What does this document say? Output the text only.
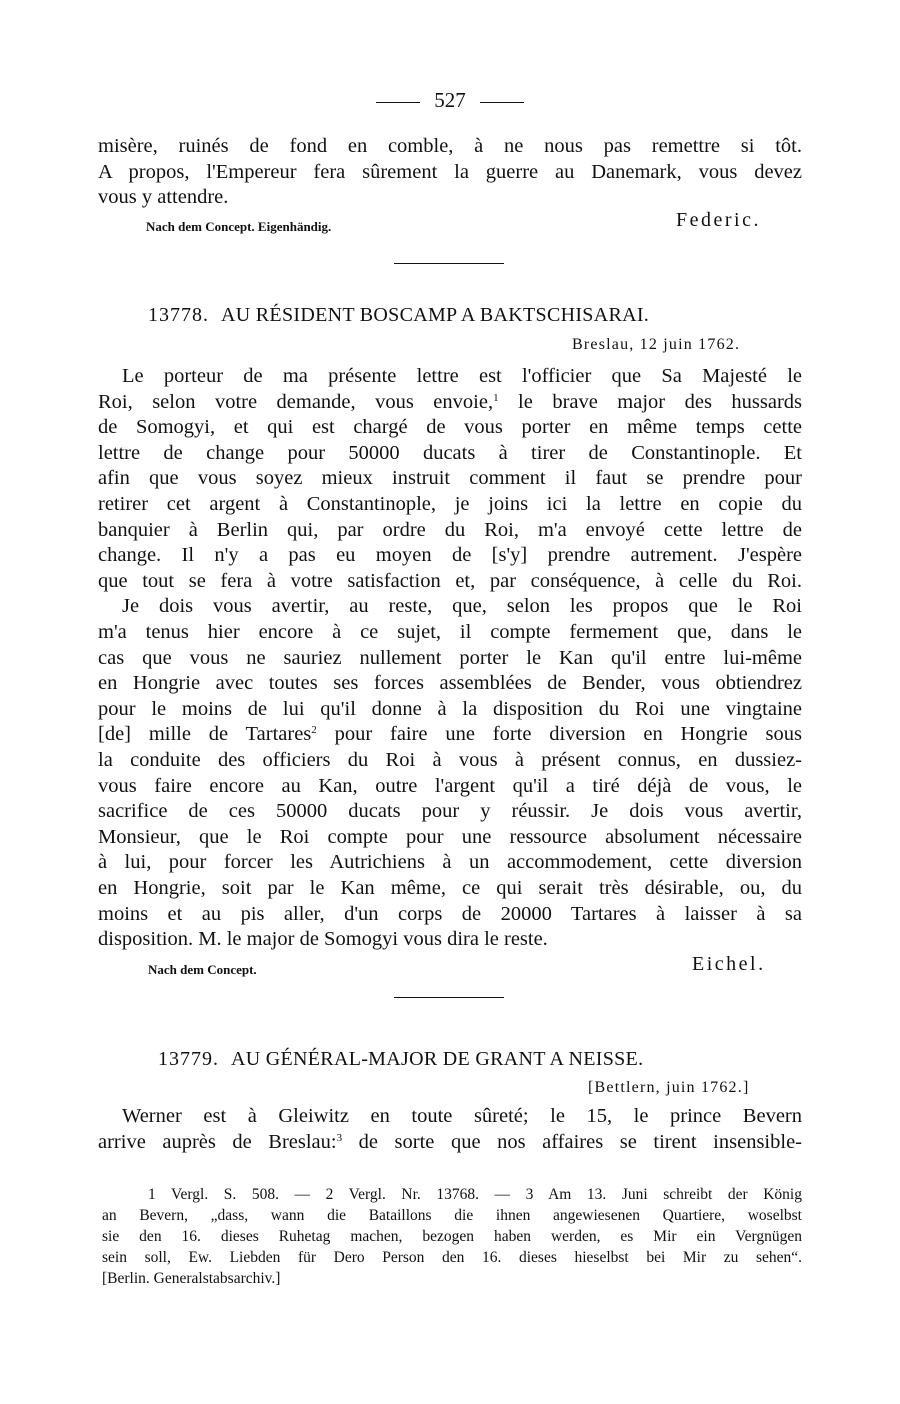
527
misère, ruinés de fond en comble, à ne nous pas remettre si tôt.
A propos, l'Empereur fera sûrement la guerre au Danemark, vous devez
vous y attendre.
Nach dem Concept. Eigenhändig.	Federic.
13778. AU RÉSIDENT BOSCAMP A BAKTSCHISARAI.
Breslau, 12 juin 1762.
Le porteur de ma présente lettre est l'officier que Sa Majesté le
Roi, selon votre demande, vous envoie,$^1$ le brave major des hussards
de Somogyi, et qui est chargé de vous porter en même temps cette
lettre de change pour 50000 ducats à tirer de Constantinople. Et
afin que vous soyez mieux instruit comment il faut se prendre pour
retirer cet argent à Constantinople, je joins ici la lettre en copie du
banquier à Berlin qui, par ordre du Roi, m'a envoyé cette lettre de
change. Il n'y a pas eu moyen de [s'y] prendre autrement. J'espère
que tout se fera à votre satisfaction et, par conséquence, à celle du Roi.
Je dois vous avertir, au reste, que, selon les propos que le Roi
m'a tenus hier encore à ce sujet, il compte fermement que, dans le
cas que vous ne sauriez nullement porter le Kan qu'il entre lui-même
en Hongrie avec toutes ses forces assemblées de Bender, vous obtiendrez
pour le moins de lui qu'il donne à la disposition du Roi une vingtaine
[de] mille de Tartares$^2$ pour faire une forte diversion en Hongrie sous
la conduite des officiers du Roi à vous à présent connus, en dussiez-
vous faire encore au Kan, outre l'argent qu'il a tiré déjà de vous, le
sacrifice de ces 50000 ducats pour y réussir. Je dois vous avertir,
Monsieur, que le Roi compte pour une ressource absolument nécessaire
à lui, pour forcer les Autrichiens à un accommodement, cette diversion
en Hongrie, soit par le Kan même, ce qui serait très désirable, ou, du
moins et au pis aller, d'un corps de 20000 Tartares à laisser à sa
disposition. M. le major de Somogyi vous dira le reste.
Nach dem Concept.	Eichel.
13779. AU GÉNÉRAL-MAJOR DE GRANT A NEISSE.
[Bettlern, juin 1762.]
Werner est à Gleiwitz en toute sûreté; le 15, le prince Bevern
arrive auprès de Breslau:$^3$ de sorte que nos affaires se tirent insensible-
1 Vergl. S. 508. — 2 Vergl. Nr. 13768. — 3 Am 13. Juni schreibt der König
an Bevern, „dass, wann die Bataillons die ihnen angewiesenen Quartiere, woselbst
sie den 16. dieses Ruhetag machen, bezogen haben werden, es Mir ein Vergnügen
sein soll, Ew. Liebden für Dero Person den 16. dieses hieselbst bei Mir zu sehen“.
[Berlin. Generalstabsarchiv.]
